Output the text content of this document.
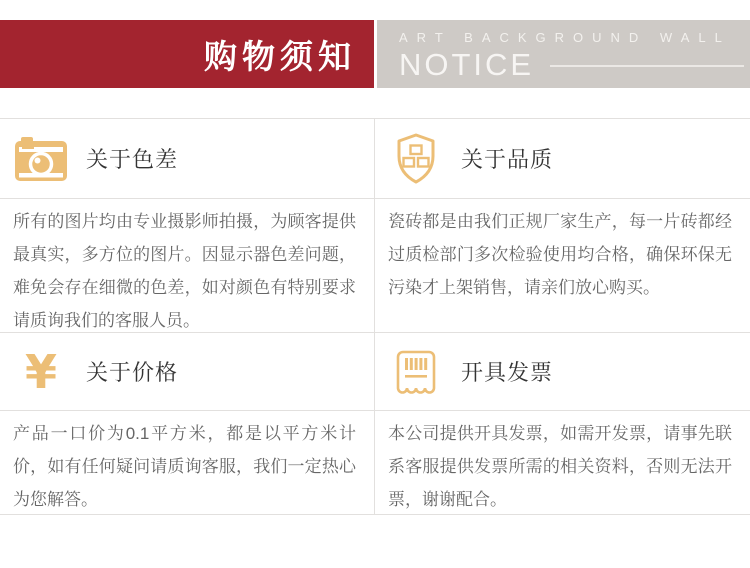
购物须知	ART BACKGROUND WALL
NOTICE
关于色差	关于品质

所有的图片均由专业摄影师拍摄，为顾客提供最真实，多方位的图片。因显示器色差问题，难免会存在细微的色差，如对颜色有特别要求请质询我们的客服人员。

瓷砖都是由我们正规厂家生产，每一片砖都经过质检部门多次检验使用均合格，确保环保无污染才上架销售，请亲们放心购买。

¥ 关于价格	开具发票

产品一口价为0.1平方米，都是以平方米计价，如有任何疑问请质询客服，我们一定热心为您解答。

本公司提供开具发票，如需开发票，请事先联系客服提供发票所需的相关资料，否则无法开票，谢谢配合。
